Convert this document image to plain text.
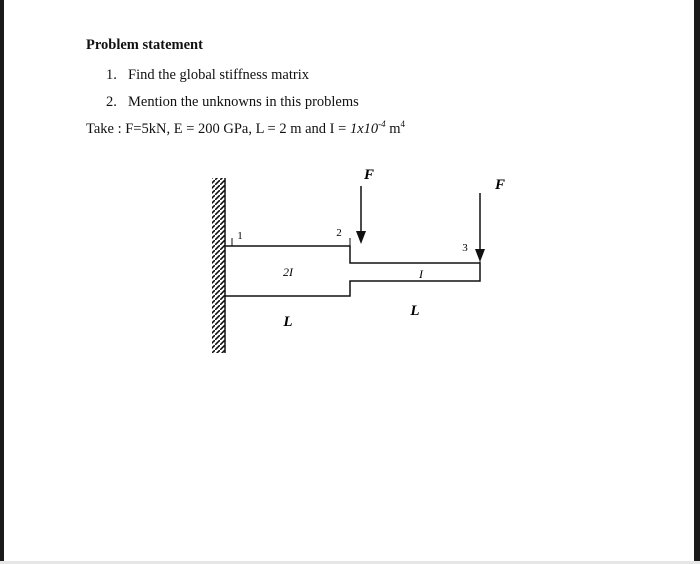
Problem statement
1. Find the global stiffness matrix
2. Mention the unknowns in this problems
Take : F=5kN, E = 200 GPa, L = 2 m and $I = 1x10^{-4}$ $m^4$
F
F
1	2
3
2I	I
L
L
